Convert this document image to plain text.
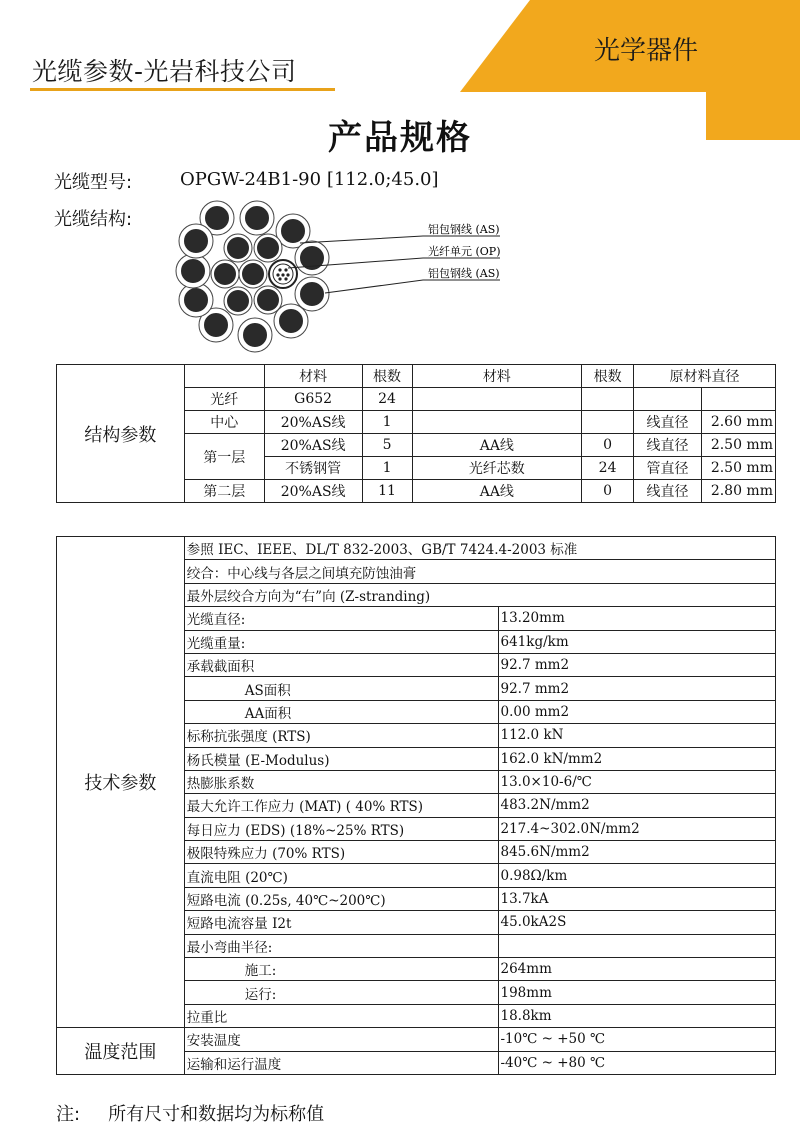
光缆参数-光岩科技公司
光学器件
产品规格
光缆型号:	OPGW-24B1-90 [112.0;45.0]
光缆结构:	铝包钢线 (AS)
光纤单元 (OP)
铝包钢线 (AS)
结构参数		材料	根数	材料	根数	原材料直径	
	光纤	G652	24				
	中心	20%AS线	1			线直径	2.60 mm
	第一层	20%AS线	5	AA线	0	线直径	2.50 mm
		不锈钢管	1	光纤芯数	24	管直径	2.50 mm
	第二层	20%AS线	11	AA线	0	线直径	2.80 mm
技术参数	参照 IEC、IEEE、DL/T 832-2003、GB/T 7424.4-2003 标准	
	绞合：中心线与各层之间填充防蚀油膏	
	最外层绞合方向为“右”向 (Z-stranding)	
	光缆直径:	13.20mm
	光缆重量:	641kg/km
	承载截面积	92.7 mm2
	AS面积	92.7 mm2
	AA面积	0.00 mm2
	标称抗张强度 (RTS)	112.0 kN
	杨氏模量 (E-Modulus)	162.0 kN/mm2
	热膨胀系数	13.0×10-6/℃
	最大允许工作应力 (MAT) ( 40% RTS)	483.2N/mm2
	每日应力 (EDS) (18%~25% RTS)	217.4~302.0N/mm2
	极限特殊应力 (70% RTS)	845.6N/mm2
	直流电阻 (20℃)	0.98Ω/km
	短路电流 (0.25s, 40℃~200℃)	13.7kA
	短路电流容量 I2t	45.0kA2S
	最小弯曲半径:	
	施工:	264mm
	运行:	198mm
	拉重比	18.8km
温度范围	安装温度	-10℃ ~ +50 ℃
	运输和运行温度	-40℃ ~ +80 ℃
注: 所有尺寸和数据均为标称值
